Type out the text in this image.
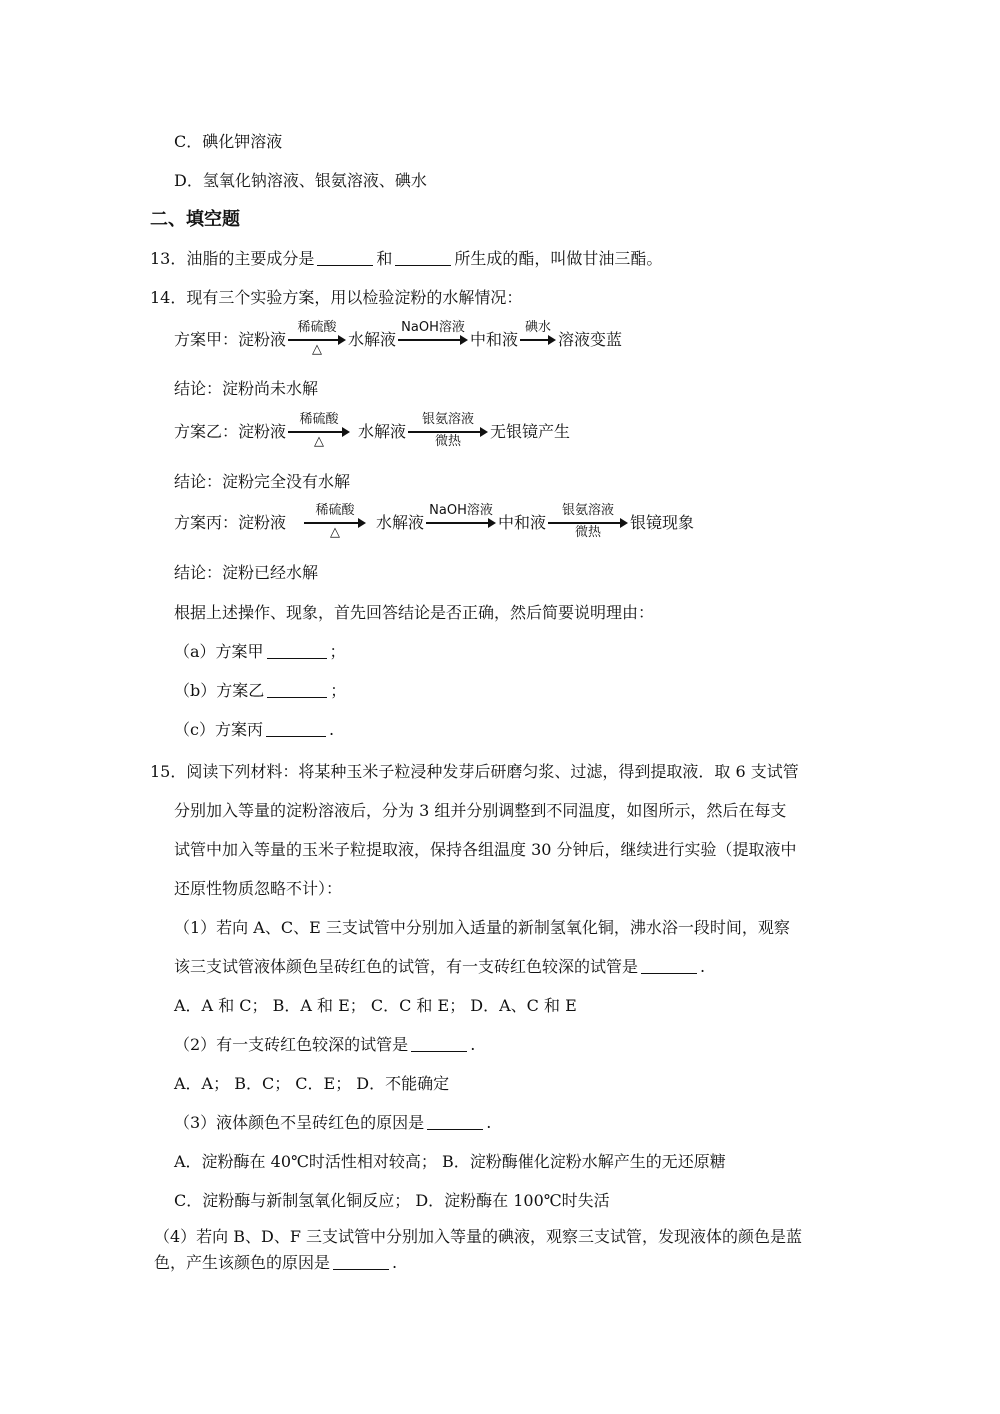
C．碘化钾溶液
D．氢氧化钠溶液、银氨溶液、碘水
二、填空题
13．油脂的主要成分是	和	所生成的酯，叫做甘油三酯。
14．现有三个实验方案，用以检验淀粉的水解情况：
方案甲：淀粉液
稀硫酸
△
水解液
NaOH溶液
中和液
碘水
溶液变蓝
结论：淀粉尚未水解
方案乙：淀粉液
稀硫酸
△
水解液
银氨溶液
微热
无银镜产生
结论：淀粉完全没有水解
方案丙：淀粉液
稀硫酸
△
水解液
NaOH溶液
中和液
银氨溶液
微热
银镜现象
结论：淀粉已经水解
根据上述操作、现象，首先回答结论是否正确，然后简要说明理由：
（a）方案甲	；
（b）方案乙	；
（c）方案丙	.
15．阅读下列材料：将某种玉米子粒浸种发芽后研磨匀浆、过滤，得到提取液．取 6 支试管
分别加入等量的淀粉溶液后，分为 3 组并分别调整到不同温度，如图所示，然后在每支
试管中加入等量的玉米子粒提取液，保持各组温度 30 分钟后，继续进行实验（提取液中
还原性物质忽略不计）：
（1）若向 A、C、E 三支试管中分别加入适量的新制氢氧化铜，沸水浴一段时间，观察
该三支试管液体颜色呈砖红色的试管，有一支砖红色较深的试管是	.
A．A 和 C； B．A 和 E； C．C 和 E； D．A、C 和 E
（2）有一支砖红色较深的试管是	.
A．A； B．C； C．E； D．不能确定
（3）液体颜色不呈砖红色的原因是	.
A．淀粉酶在 40℃时活性相对较高； B．淀粉酶催化淀粉水解产生的无还原糖
C．淀粉酶与新制氢氧化铜反应； D．淀粉酶在 100℃时失活
（4）若向 B、D、F 三支试管中分别加入等量的碘液，观察三支试管，发现液体的颜色是蓝
色，产生该颜色的原因是	.
